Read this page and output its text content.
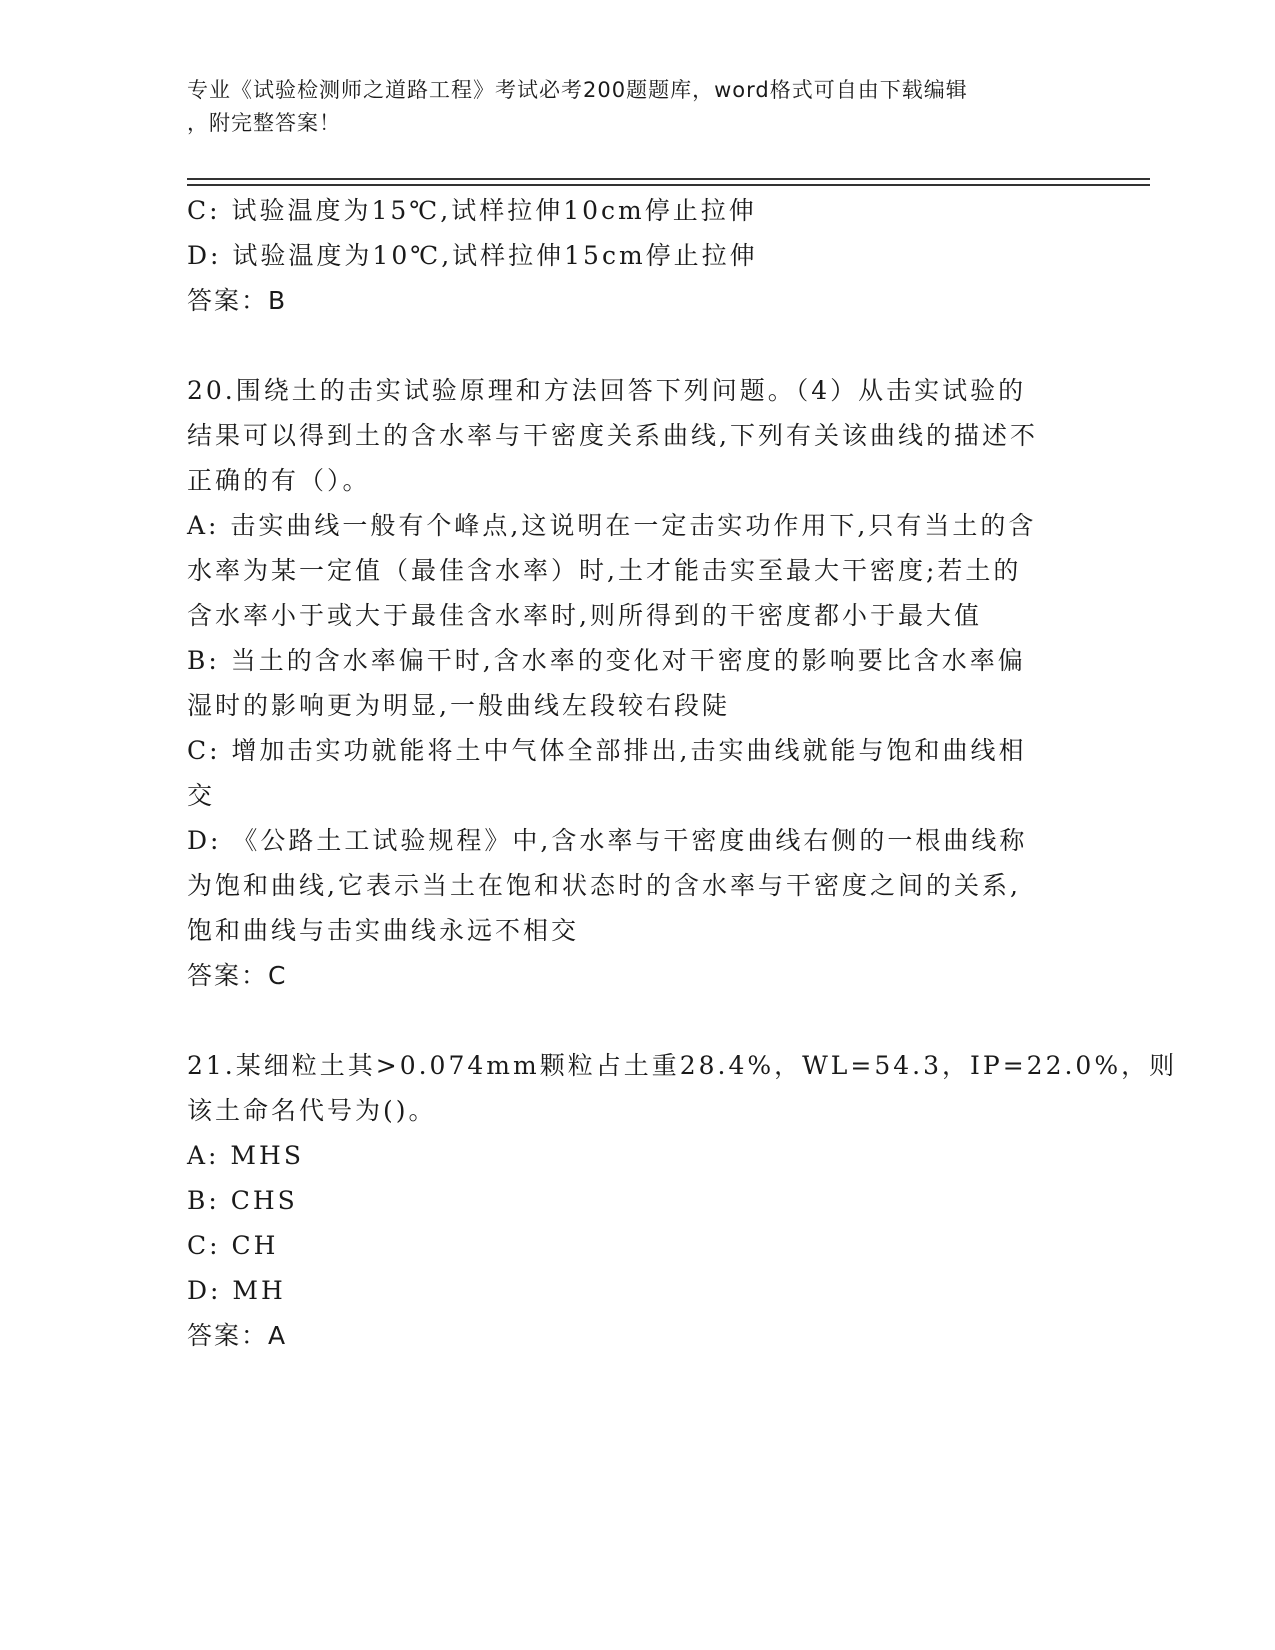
专业《试验检测师之道路工程》考试必考200题题库，word格式可自由下载编辑
，附完整答案！
C: 试验温度为15℃,试样拉伸10cm停止拉伸
D: 试验温度为10℃,试样拉伸15cm停止拉伸
答案：B
20.围绕土的击实试验原理和方法回答下列问题。（4）从击实试验的
结果可以得到土的含水率与干密度关系曲线,下列有关该曲线的描述不
正确的有（）。
A: 击实曲线一般有个峰点,这说明在一定击实功作用下,只有当土的含
水率为某一定值（最佳含水率）时,土才能击实至最大干密度;若土的
含水率小于或大于最佳含水率时,则所得到的干密度都小于最大值
B: 当土的含水率偏干时,含水率的变化对干密度的影响要比含水率偏
湿时的影响更为明显,一般曲线左段较右段陡
C: 增加击实功就能将土中气体全部排出,击实曲线就能与饱和曲线相
交
D: 《公路土工试验规程》中,含水率与干密度曲线右侧的一根曲线称
为饱和曲线,它表示当土在饱和状态时的含水率与干密度之间的关系,
饱和曲线与击实曲线永远不相交
答案：C
21.某细粒土其>0.074mm颗粒占土重28.4%，WL=54.3，IP=22.0%，则
该土命名代号为()。
A: MHS
B: CHS
C: CH
D: MH
答案：A
